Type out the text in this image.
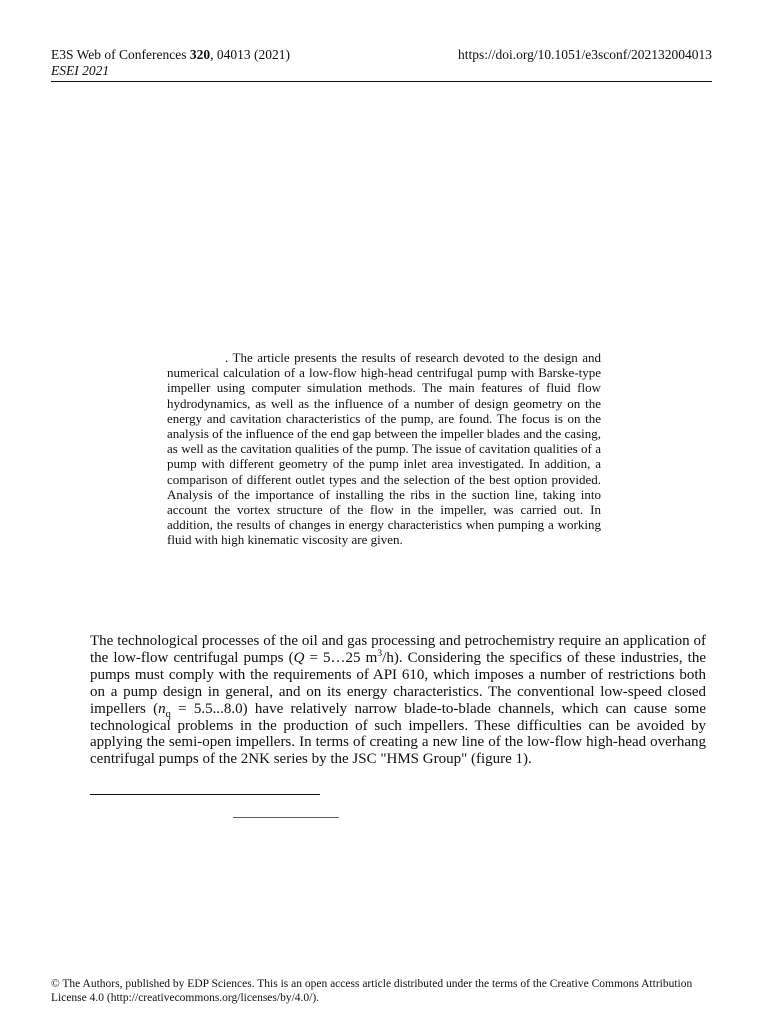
E3S Web of Conferences 320, 04013 (2021)
ESEI 2021
https://doi.org/10.1051/e3sconf/202132004013
. The article presents the results of research devoted to the design and numerical calculation of a low-flow high-head centrifugal pump with Barske-type impeller using computer simulation methods. The main features of fluid flow hydrodynamics, as well as the influence of a number of design geometry on the energy and cavitation characteristics of the pump, are found. The focus is on the analysis of the influence of the end gap between the impeller blades and the casing, as well as the cavitation qualities of the pump. The issue of cavitation qualities of a pump with different geometry of the pump inlet area investigated. In addition, a comparison of different outlet types and the selection of the best option provided. Analysis of the importance of installing the ribs in the suction line, taking into account the vortex structure of the flow in the impeller, was carried out. In addition, the results of changes in energy characteristics when pumping a working fluid with high kinematic viscosity are given.
The technological processes of the oil and gas processing and petrochemistry require an application of the low-flow centrifugal pumps (Q = 5…25 $m^3/h$). Considering the specifics of these industries, the pumps must comply with the requirements of API 610, which imposes a number of restrictions both on a pump design in general, and on its energy characteristics. The conventional low-speed closed impellers $(n_q = 5.5...8.0)$ have relatively narrow blade-to-blade channels, which can cause some technological problems in the production of such impellers. These difficulties can be avoided by applying the semi-open impellers. In terms of creating a new line of the low-flow high-head overhang centrifugal pumps of the 2NK series by the JSC "HMS Group" (figure 1).
© The Authors, published by EDP Sciences. This is an open access article distributed under the terms of the Creative Commons Attribution License 4.0 (http://creativecommons.org/licenses/by/4.0/).
